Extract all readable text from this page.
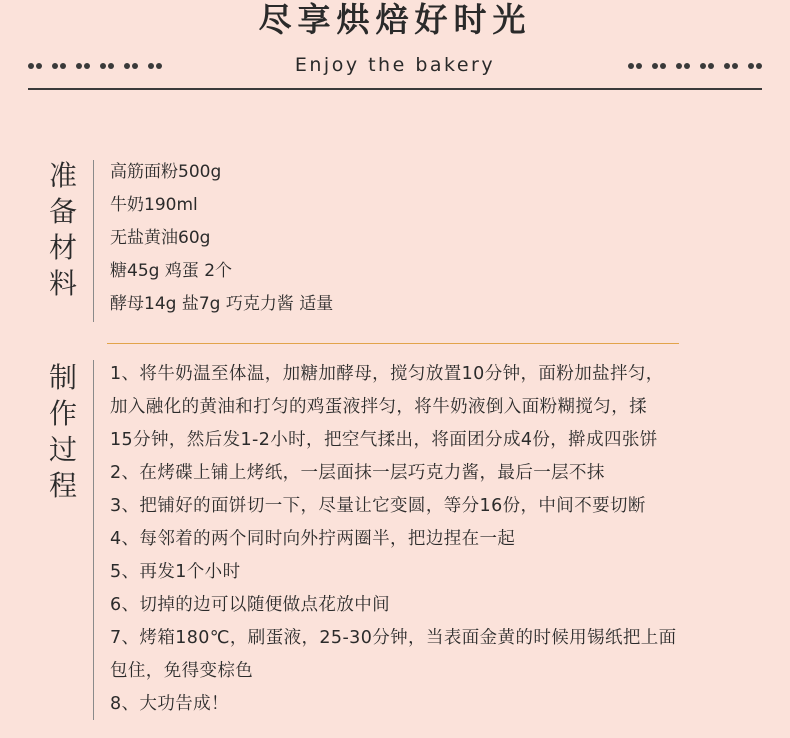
尽享烘焙好时光
Enjoy the bakery
准
备
材
料
高筋面粉500g
牛奶190ml
无盐黄油60g
糖45g 鸡蛋 2个
酵母14g 盐7g 巧克力酱 适量
制
作
过
程
1、将牛奶温至体温，加糖加酵母，搅匀放置10分钟，面粉加盐拌匀，
加入融化的黄油和打匀的鸡蛋液拌匀，将牛奶液倒入面粉糊搅匀，揉
15分钟，然后发1-2小时，把空气揉出，将面团分成4份，擀成四张饼
2、在烤碟上铺上烤纸，一层面抹一层巧克力酱，最后一层不抹
3、把铺好的面饼切一下，尽量让它变圆，等分16份，中间不要切断
4、每邻着的两个同时向外拧两圈半，把边捏在一起
5、再发1个小时
6、切掉的边可以随便做点花放中间
7、烤箱180℃，刷蛋液，25-30分钟，当表面金黄的时候用锡纸把上面
包住，免得变棕色
8、大功告成！
